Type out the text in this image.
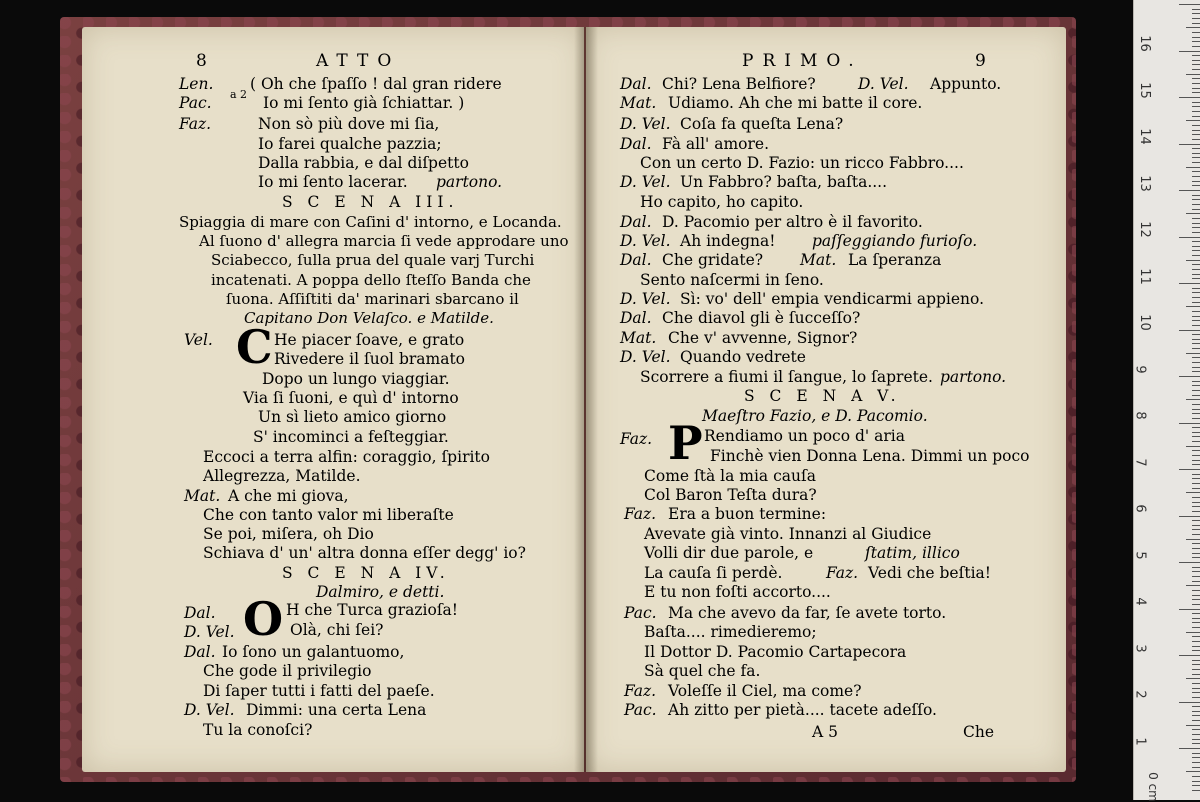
8	ATTO
Len. ( Oh che ſpaſſo ! dal gran ridere
Pac.	Io mi ſento già ſchiattar. )
a 2
Faz.	Non sò più dove mi ſia,
Io farei qualche pazzia;
Dalla rabbia, e dal diſpetto
Io mi ſento lacerar. partono.
S C E N A III.
Spiaggia di mare con Caſini d' intorno, e Locanda.
Al ſuono d' allegra marcia ſi vede approdare uno
Sciabecco, ſulla prua del quale varj Turchi
incatenati. A poppa dello ſteſſo Banda che
ſuona. Aſſiſtiti da' marinari sbarcano il
Capitano Don Velaſco. e Matilde.
Vel. C He piacer ſoave, e grato
Rivedere il ſuol bramato
Dopo un lungo viaggiar.
Via ſi ſuoni, e quì d' intorno
Un sì lieto amico giorno
S' incominci a feſteggiar.
Eccoci a terra alfin: coraggio, ſpirito
Allegrezza, Matilde.
Mat. A che mi giova,
Che con tanto valor mi liberaſte
Se poi, miſera, oh Dio
Schiava d' un' altra donna eſſer degg' io?
S C E N A IV.
Dalmiro, e detti.
Dal. O H che Turca grazioſa!
D. Vel.	Olà, chi ſei?
Dal. Io ſono un galantuomo,
Che gode il privilegio
Di ſaper tutti i fatti del paeſe.
D. Vel. Dimmi: una certa Lena
Tu la conoſci?
PRIMO.	9
Dal. Chi? Lena Belfiore?	D. Vel. Appunto.
Mat. Udiamo. Ah che mi batte il core.
D. Vel. Coſa fa queſta Lena?
Dal. Fà all' amore.
Con un certo D. Fazio: un ricco Fabbro....
D. Vel. Un Fabbro? baſta, baſta....
Ho capito, ho capito.
Dal. D. Pacomio per altro è il favorito.
D. Vel. Ah indegna! paſſeggiando furioſo.
Dal. Che gridate? Mat. La ſperanza
Sento naſcermi in ſeno.
D. Vel. Sì: vo' dell' empia vendicarmi appieno.
Dal. Che diavol gli è ſucceſſo?
Mat. Che v' avvenne, Signor?
D. Vel. Quando vedrete
Scorrere a fiumi il ſangue, lo ſaprete. partono.
S C E N A V.
Maeſtro Fazio, e D. Pacomio.
Faz. P Rendiamo un poco d' aria
Finchè vien Donna Lena. Dimmi un poco
Come ſtà la mia cauſa
Col Baron Teſta dura?
Faz. Era a buon termine:
Avevate già vinto. Innanzi al Giudice
Volli dir due parole, e	ſtatim, illico
La cauſa ſi perdè.	Faz. Vedi che beſtia!
E tu non foſti accorto....
Pac. Ma che avevo da far, ſe avete torto.
Baſta.... rimedieremo;
Il Dottor D. Pacomio Cartapecora
Sà quel che fa.
Faz. Voleſſe il Ciel, ma come?
Pac. Ah zitto per pietà.... tacete adeſſo.
A 5	Che
16
15
14
13
12
11
10
9
8
7
6
5
4
3
2
1
0 cm
